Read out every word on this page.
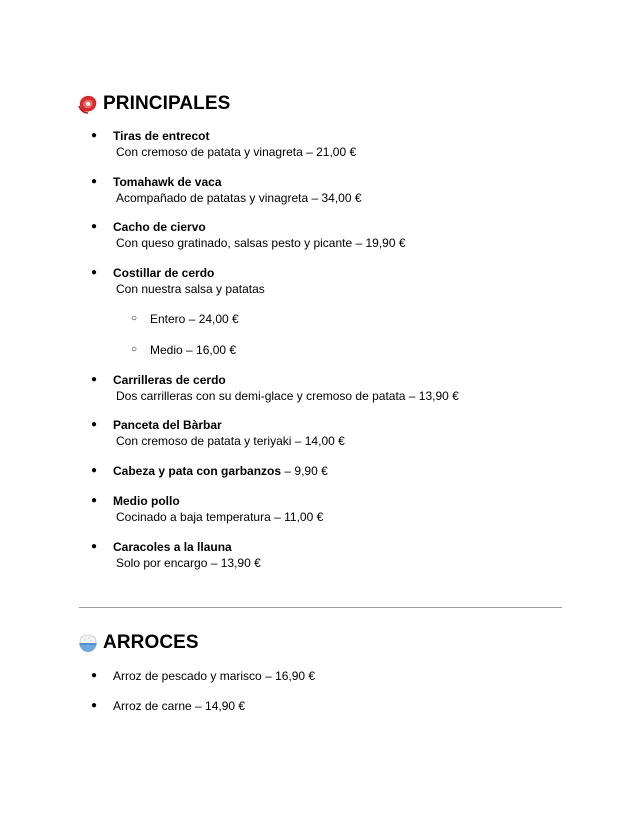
PRINCIPALES
●	Tiras de entrecot
Con cremoso de patata y vinagreta – 21,00 €
●	Tomahawk de vaca
Acompañado de patatas y vinagreta – 34,00 €
●	Cacho de ciervo
Con queso gratinado, salsas pesto y picante – 19,90 €
●	Costillar de cerdo
Con nuestra salsa y patatas
○ Entero – 24,00 €
○ Medio – 16,00 €
●	Carrilleras de cerdo
Dos carrilleras con su demi-glace y cremoso de patata – 13,90 €
●	Panceta del Bàrbar
Con cremoso de patata y teriyaki – 14,00 €
●	Cabeza y pata con garbanzos – 9,90 €
●	Medio pollo
Cocinado a baja temperatura – 11,00 €
●	Caracoles a la llauna
Solo por encargo – 13,90 €
ARROCES
●	Arroz de pescado y marisco – 16,90 €
●	Arroz de carne – 14,90 €
